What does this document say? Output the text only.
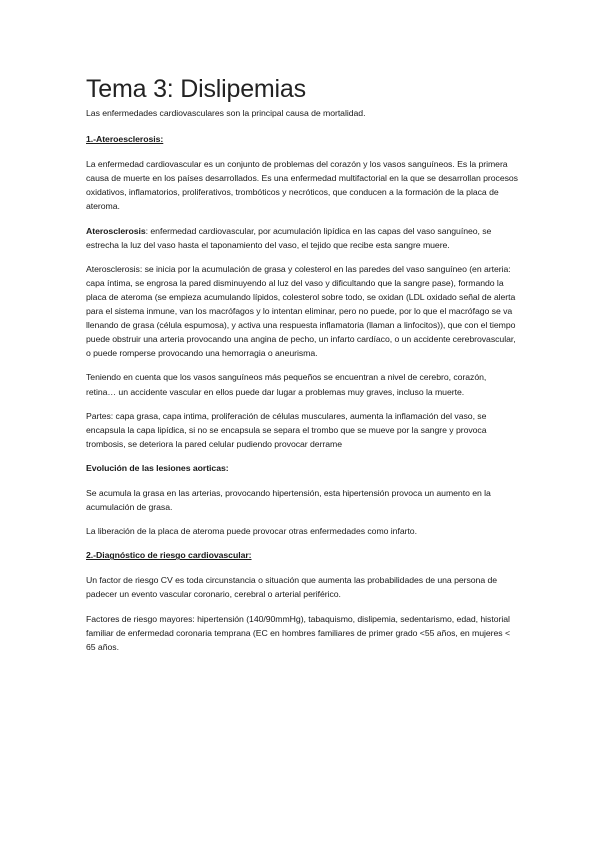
Tema 3: Dislipemias

Las enfermedades cardiovasculares son la principal causa de mortalidad.

1.-Ateroesclerosis:

La enfermedad cardiovascular es un conjunto de problemas del corazón y los vasos sanguíneos. Es la primera causa de muerte en los países desarrollados. Es una enfermedad multifactorial en la que se desarrollan procesos oxidativos, inflamatorios, proliferativos, trombóticos y necróticos, que conducen a la formación de la placa de ateroma.

Aterosclerosis: enfermedad cardiovascular, por acumulación lipídica en las capas del vaso sanguíneo, se estrecha la luz del vaso hasta el taponamiento del vaso, el tejido que recibe esta sangre muere.

Aterosclerosis: se inicia por la acumulación de grasa y colesterol en las paredes del vaso sanguíneo (en arteria: capa íntima, se engrosa la pared disminuyendo al luz del vaso y dificultando que la sangre pase), formando la placa de ateroma (se empieza acumulando lípidos, colesterol sobre todo, se oxidan (LDL oxidado señal de alerta para el sistema inmune, van los macrófagos y lo intentan eliminar, pero no puede, por lo que el macrófago se va llenando de grasa (célula espumosa), y activa una respuesta inflamatoria (llaman a linfocitos)), que con el tiempo puede obstruir una arteria provocando una angina de pecho, un infarto cardíaco, o un accidente cerebrovascular, o puede romperse provocando una hemorragia o aneurisma.

Teniendo en cuenta que los vasos sanguíneos más pequeños se encuentran a nivel de cerebro, corazón, retina… un accidente vascular en ellos puede dar lugar a problemas muy graves, incluso la muerte.

Partes: capa grasa, capa intima, proliferación de células musculares, aumenta la inflamación del vaso, se encapsula la capa lipídica, si no se encapsula se separa el trombo que se mueve por la sangre y provoca trombosis, se deteriora la pared celular pudiendo provocar derrame

Evolución de las lesiones aorticas:

Se acumula la grasa en las arterias, provocando hipertensión, esta hipertensión provoca un aumento en la acumulación de grasa.

La liberación de la placa de ateroma puede provocar otras enfermedades como infarto.

2.-Diagnóstico de riesgo cardiovascular:

Un factor de riesgo CV es toda circunstancia o situación que aumenta las probabilidades de una persona de padecer un evento vascular coronario, cerebral o arterial periférico.

Factores de riesgo mayores: hipertensión (140/90mmHg), tabaquismo, dislipemia, sedentarismo, edad, historial familiar de enfermedad coronaria temprana (EC en hombres familiares de primer grado <55 años, en mujeres < 65 años.
